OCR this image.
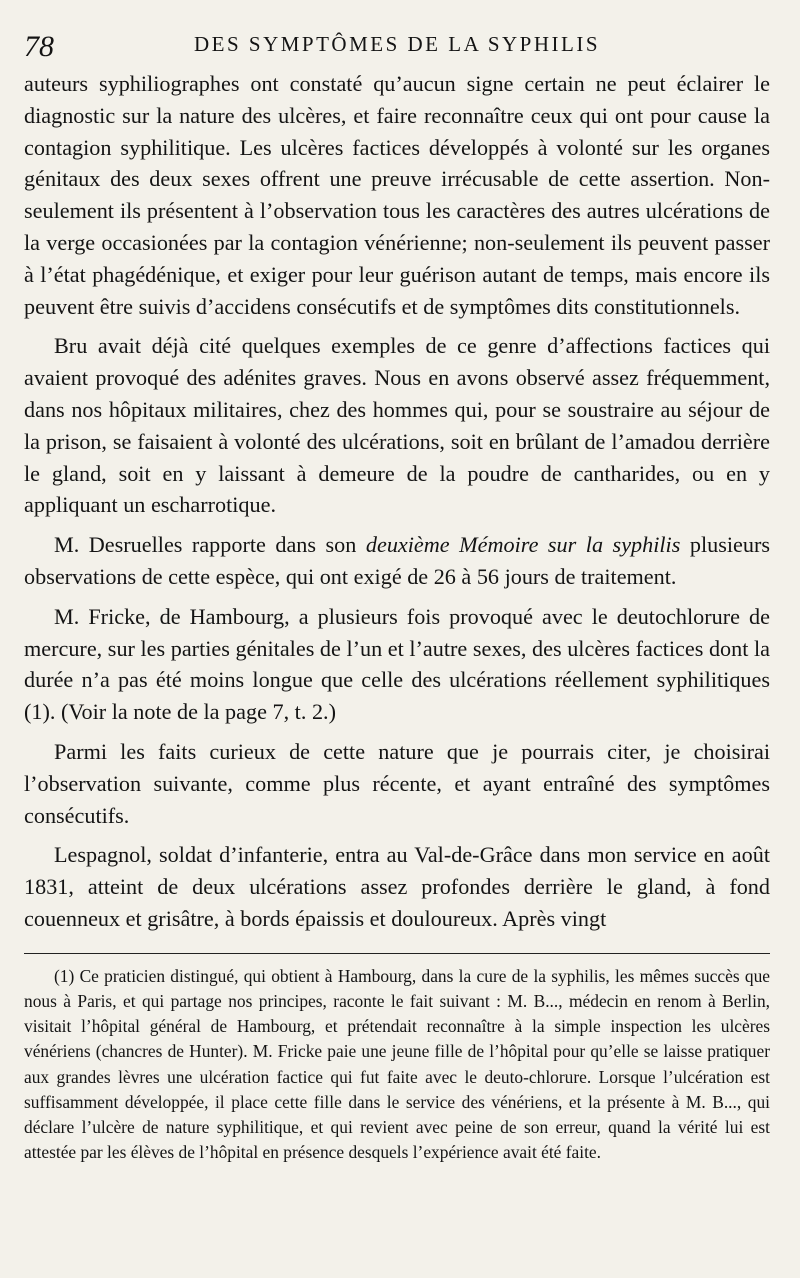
78	DES SYMPTÔMES DE LA SYPHILIS

auteurs syphiliographes ont constaté qu’aucun signe certain ne peut éclairer le diagnostic sur la nature des ulcères, et faire reconnaître ceux qui ont pour cause la contagion syphilitique. Les ulcères factices développés à volonté sur les organes génitaux des deux sexes offrent une preuve irrécusable de cette assertion. Non-seulement ils présentent à l’observation tous les caractères des autres ulcérations de la verge occasionées par la contagion vénérienne; non-seulement ils peuvent passer à l’état phagédénique, et exiger pour leur guérison autant de temps, mais encore ils peuvent être suivis d’accidens consécutifs et de symptômes dits constitutionnels.

Bru avait déjà cité quelques exemples de ce genre d’affections factices qui avaient provoqué des adénites graves. Nous en avons observé assez fréquemment, dans nos hôpitaux militaires, chez des hommes qui, pour se soustraire au séjour de la prison, se faisaient à volonté des ulcérations, soit en brûlant de l’amadou derrière le gland, soit en y laissant à demeure de la poudre de cantharides, ou en y appliquant un escharrotique.

M. Desruelles rapporte dans son deuxième Mémoire sur la syphilis plusieurs observations de cette espèce, qui ont exigé de 26 à 56 jours de traitement.

M. Fricke, de Hambourg, a plusieurs fois provoqué avec le deutochlorure de mercure, sur les parties génitales de l’un et l’autre sexes, des ulcères factices dont la durée n’a pas été moins longue que celle des ulcérations réellement syphilitiques (1). (Voir la note de la page 7, t. 2.)

Parmi les faits curieux de cette nature que je pourrais citer, je choisirai l’observation suivante, comme plus récente, et ayant entraîné des symptômes consécutifs.

Lespagnol, soldat d’infanterie, entra au Val-de-Grâce dans mon service en août 1831, atteint de deux ulcérations assez profondes derrière le gland, à fond couenneux et grisâtre, à bords épaissis et douloureux. Après vingt

(1) Ce praticien distingué, qui obtient à Hambourg, dans la cure de la syphilis, les mêmes succès que nous à Paris, et qui partage nos principes, raconte le fait suivant : M. B..., médecin en renom à Berlin, visitait l’hôpital général de Hambourg, et prétendait reconnaître à la simple inspection les ulcères vénériens (chancres de Hunter). M. Fricke paie une jeune fille de l’hôpital pour qu’elle se laisse pratiquer aux grandes lèvres une ulcération factice qui fut faite avec le deuto-chlorure. Lorsque l’ulcération est suffisamment développée, il place cette fille dans le service des vénériens, et la présente à M. B..., qui déclare l’ulcère de nature syphilitique, et qui revient avec peine de son erreur, quand la vérité lui est attestée par les élèves de l’hôpital en présence desquels l’expérience avait été faite.
